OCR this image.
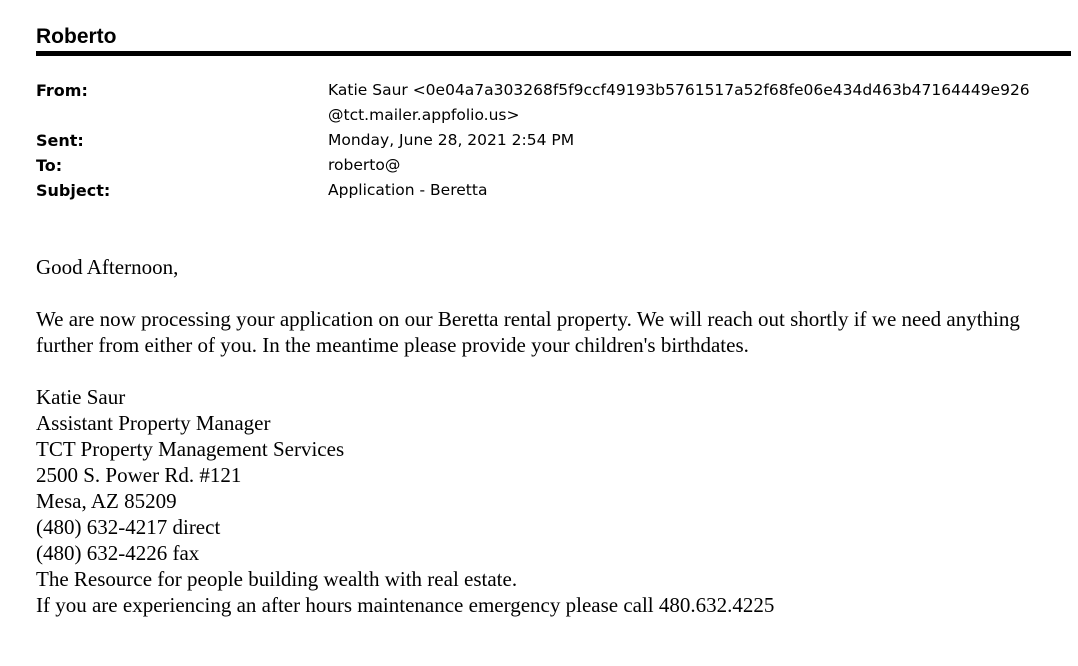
Roberto
From:	Katie Saur <0e04a7a303268f5f9ccf49193b5761517a52f68fe06e434d463b47164449e926
@tct.mailer.appfolio.us>
Sent:	Monday, June 28, 2021 2:54 PM
To:	roberto@
Subject:	Application - Beretta

Good Afternoon,

We are now processing your application on our Beretta rental property. We will reach out shortly if we need anything further from either of you. In the meantime please provide your children's birthdates.

Katie Saur
Assistant Property Manager
TCT Property Management Services
2500 S. Power Rd. #121
Mesa, AZ 85209
(480) 632-4217 direct
(480) 632-4226 fax
The Resource for people building wealth with real estate.
If you are experiencing an after hours maintenance emergency please call 480.632.4225
